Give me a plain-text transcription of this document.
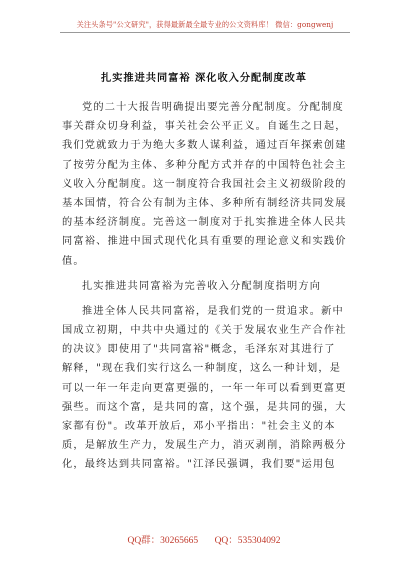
关注头条号"公文研究"，获得最新最全最专业的公文资料库！ 微信：gongwenj
扎实推进共同富裕 深化收入分配制度改革
党的二十大报告明确提出要完善分配制度。分配制度
事关群众切身利益，事关社会公平正义。自诞生之日起，
我们党就致力于为绝大多数人谋利益，通过百年探索创建
了按劳分配为主体、多种分配方式并存的中国特色社会主
义收入分配制度。这一制度符合我国社会主义初级阶段的
基本国情，符合公有制为主体、多种所有制经济共同发展
的基本经济制度。完善这一制度对于扎实推进全体人民共
同富裕、推进中国式现代化具有重要的理论意义和实践价
值。
扎实推进共同富裕为完善收入分配制度指明方向
推进全体人民共同富裕，是我们党的一贯追求。新中
国成立初期，中共中央通过的《关于发展农业生产合作社
的决议》即使用了"共同富裕"概念，毛泽东对其进行了
解释，"现在我们实行这么一种制度，这么一种计划，是
可以一年一年走向更富更强的，一年一年可以看到更富更
强些。而这个富，是共同的富，这个强，是共同的强，大
家都有份"。改革开放后，邓小平指出："社会主义的本
质，是解放生产力，发展生产力，消灭剥削，消除两极分
化，最终达到共同富裕。"江泽民强调，我们要"运用包
QQ群：30265665 QQ：535304092
